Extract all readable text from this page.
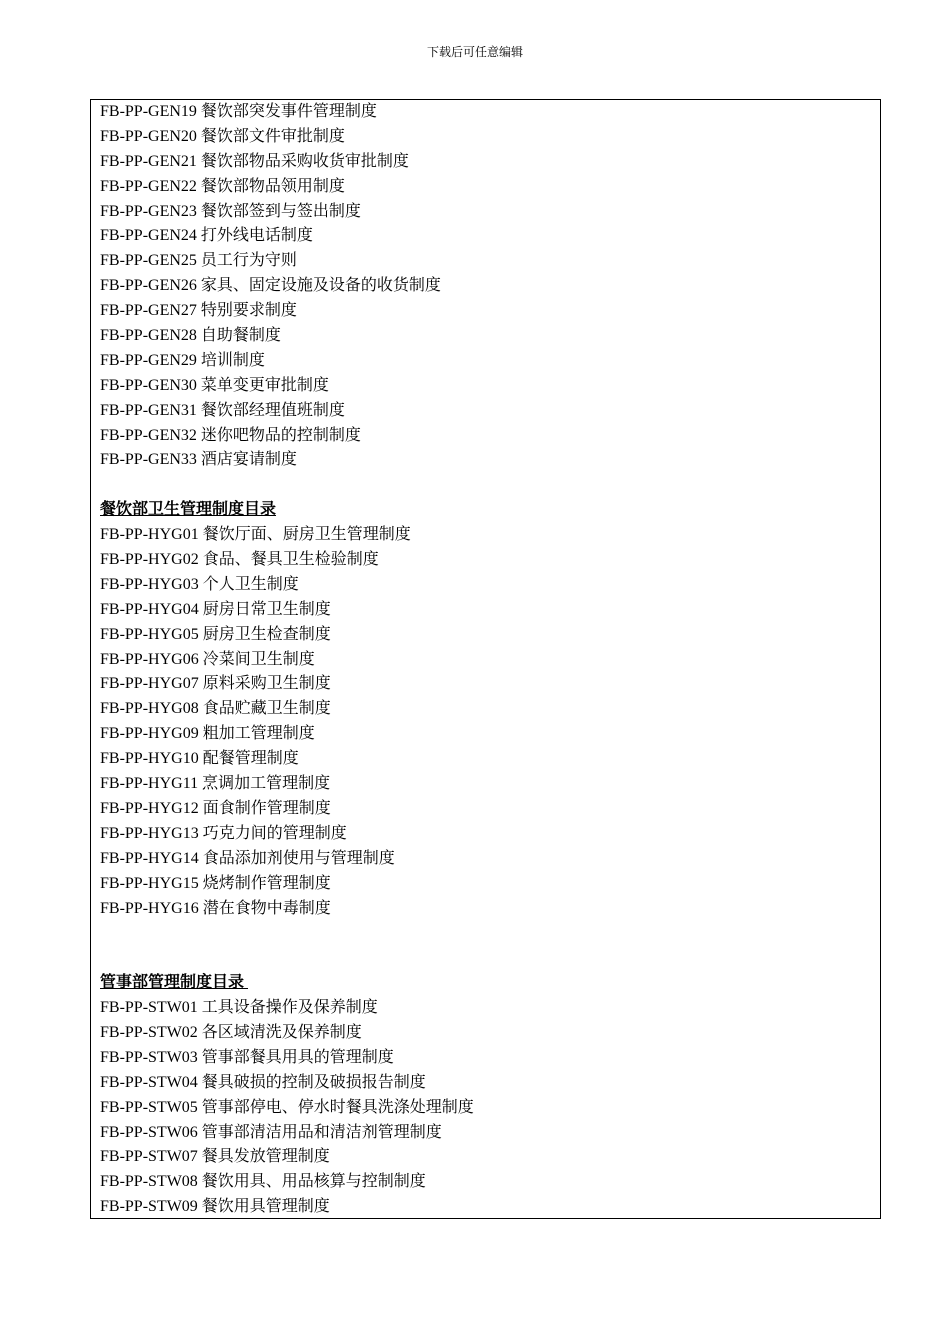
下载后可任意编辑
FB-PP-GEN19 餐饮部突发事件管理制度
FB-PP-GEN20 餐饮部文件审批制度
FB-PP-GEN21 餐饮部物品采购收货审批制度
FB-PP-GEN22 餐饮部物品领用制度
FB-PP-GEN23 餐饮部签到与签出制度
FB-PP-GEN24 打外线电话制度
FB-PP-GEN25 员工行为守则
FB-PP-GEN26 家具、固定设施及设备的收货制度
FB-PP-GEN27 特别要求制度
FB-PP-GEN28 自助餐制度
FB-PP-GEN29 培训制度
FB-PP-GEN30 菜单变更审批制度
FB-PP-GEN31 餐饮部经理值班制度
FB-PP-GEN32 迷你吧物品的控制制度
FB-PP-GEN33 酒店宴请制度
餐饮部卫生管理制度目录
FB-PP-HYG01 餐饮厅面、厨房卫生管理制度
FB-PP-HYG02 食品、餐具卫生检验制度
FB-PP-HYG03 个人卫生制度
FB-PP-HYG04 厨房日常卫生制度
FB-PP-HYG05 厨房卫生检查制度
FB-PP-HYG06 冷菜间卫生制度
FB-PP-HYG07 原料采购卫生制度
FB-PP-HYG08 食品贮藏卫生制度
FB-PP-HYG09 粗加工管理制度
FB-PP-HYG10 配餐管理制度
FB-PP-HYG11 烹调加工管理制度
FB-PP-HYG12 面食制作管理制度
FB-PP-HYG13 巧克力间的管理制度
FB-PP-HYG14 食品添加剂使用与管理制度
FB-PP-HYG15 烧烤制作管理制度
FB-PP-HYG16 潜在食物中毒制度
管事部管理制度目录
FB-PP-STW01 工具设备操作及保养制度
FB-PP-STW02 各区域清洗及保养制度
FB-PP-STW03 管事部餐具用具的管理制度
FB-PP-STW04 餐具破损的控制及破损报告制度
FB-PP-STW05 管事部停电、停水时餐具洗涤处理制度
FB-PP-STW06 管事部清洁用品和清洁剂管理制度
FB-PP-STW07 餐具发放管理制度
FB-PP-STW08 餐饮用具、用品核算与控制制度
FB-PP-STW09 餐饮用具管理制度
